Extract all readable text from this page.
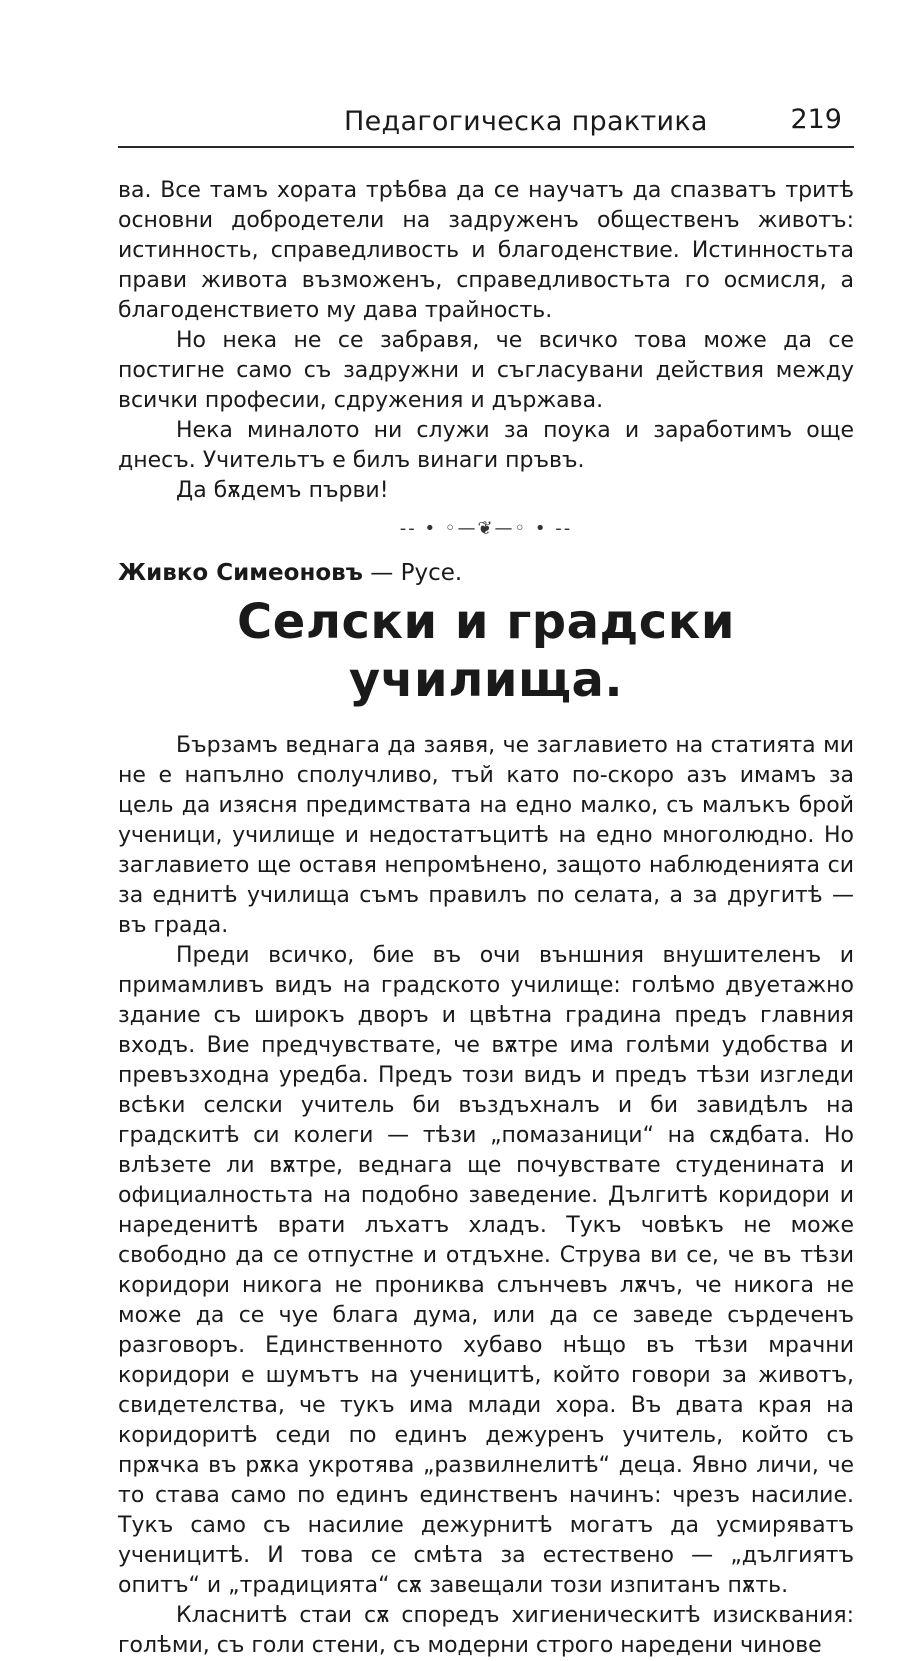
Педагогическа практика	219

ва. Все тамъ хората трѣбва да се научатъ да спазватъ тритѣ основни добродетели на задруженъ общественъ животъ: истинность, справедливость и благоденствие. Истинностьта прави живота възможенъ, справедливостьта го осмисля, а благоденствието му дава трайность.

Но нека не се забравя, че всичко това може да се постигне само съ задружни и съгласувани действия между всички професии, сдружения и държава.

Нека миналото ни служи за поука и заработимъ още днесъ. Учительтъ е билъ винаги пръвъ.

Да бѫдемъ първи!

-- • ◦—❦—◦ • --

Живко Симеоновъ — Русе.

Селски и градски училища.

Бързамъ веднага да заявя, че заглавието на статията ми не е напълно сполучливо, тъй като по-скоро азъ имамъ за цель да изясня предимствата на едно малко, съ малъкъ брой ученици, училище и недостатъцитѣ на едно многолюдно. Но заглавието ще оставя непромѣнено, защото наблюденията си за еднитѣ училища съмъ правилъ по селата, а за другитѣ — въ града.

Преди всичко, бие въ очи външния внушителенъ и примамливъ видъ на градското училище: голѣмо двуетажно здание съ широкъ дворъ и цвѣтна градина предъ главния входъ. Вие предчувствате, че вѫтре има голѣми удобства и превъзходна уредба. Предъ този видъ и предъ тѣзи изгледи всѣки селски учитель би въздъхналъ и би завидѣлъ на градскитѣ си колеги — тѣзи „помазаници“ на сѫдбата. Но влѣзете ли вѫтре, веднага ще почувствате студенината и официалностьта на подобно заведение. Дългитѣ коридори и нареденитѣ врати лъхатъ хладъ. Тукъ човѣкъ не може свободно да се отпустне и отдъхне. Струва ви се, че въ тѣзи коридори никога не прониква слънчевъ лѫчъ, че никога не може да се чуе блага дума, или да се заведе сърдеченъ разговоръ. Единственното хубаво нѣщо въ тѣзи мрачни коридори е шумътъ на ученицитѣ, който говори за животъ, свидетелства, че тукъ има млади хора. Въ двата края на коридоритѣ седи по единъ дежуренъ учитель, който съ прѫчка въ рѫка укротява „развилнелитѣ“ деца. Явно личи, че то става само по единъ единственъ начинъ: чрезъ насилие. Тукъ само съ насилие дежурнитѣ могатъ да усмиряватъ ученицитѣ. И това се смѣта за естествено — „дългиятъ опитъ“ и „традицията“ сѫ завещали този изпитанъ пѫть.

Класнитѣ стаи сѫ споредъ хигиеническитѣ изисквания: голѣми, съ голи стени, съ модерни строго наредени чинове
